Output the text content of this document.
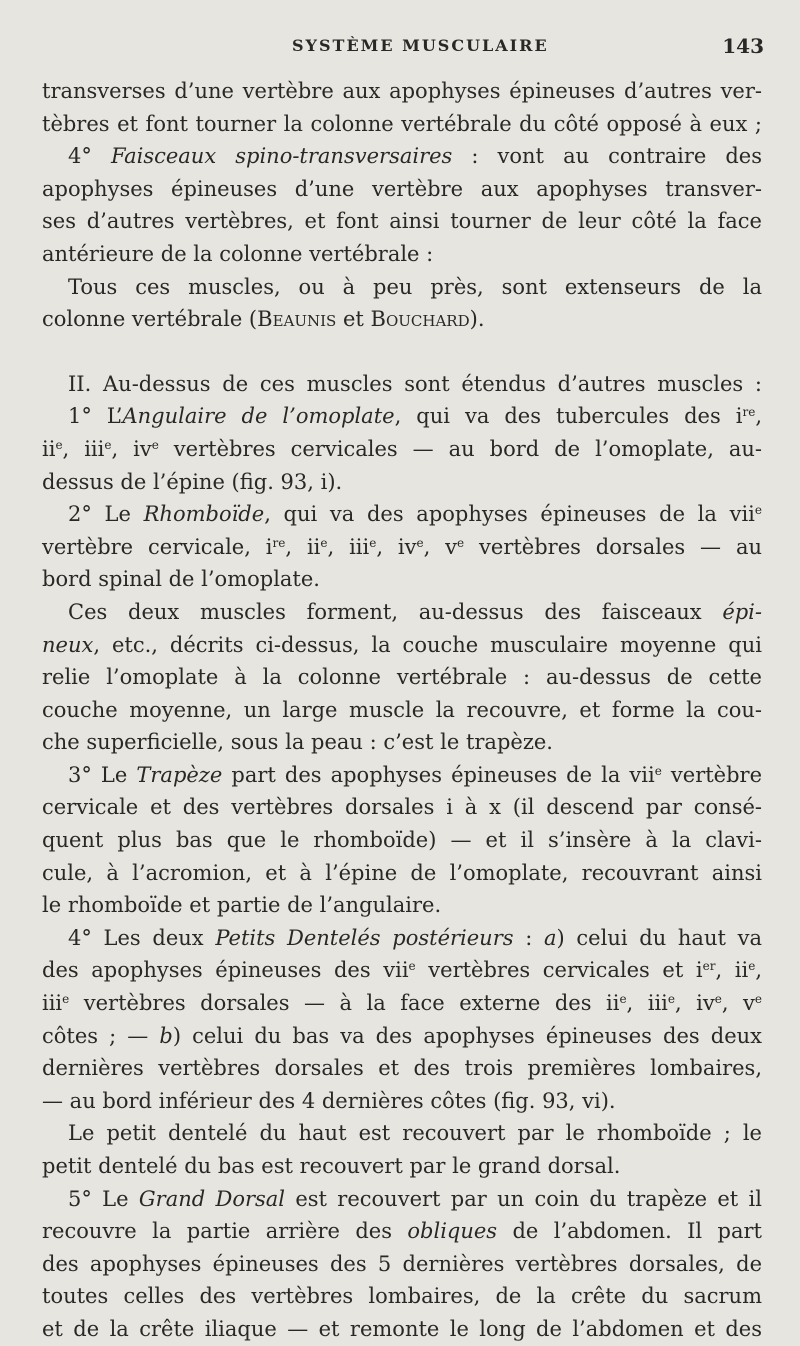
SYSTÈME MUSCULAIRE	143
transverses d’une vertèbre aux apophyses épineuses d’autres ver-
tèbres et font tourner la colonne vertébrale du côté opposé à eux ;
4° Faisceaux spino-transversaires : vont au contraire des
apophyses épineuses d’une vertèbre aux apophyses transver-
ses d’autres vertèbres, et font ainsi tourner de leur côté la face
antérieure de la colonne vertébrale :
Tous ces muscles, ou à peu près, sont extenseurs de la
colonne vertébrale (Beaunis et Bouchard).
II. Au-dessus de ces muscles sont étendus d’autres muscles :
1° L’Angulaire de l’omoplate, qui va des tubercules des $i^{re}$,
$ii^e$, iii$^e$, $iv^e$ vertèbres cervicales — au bord de l’omoplate, au-
dessus de l’épine (fig. 93, i).
2° Le Rhomboïde, qui va des apophyses épineuses de la vii$^e$
vertèbre cervicale, $i^{re}$, $ii^e$, iii$^e$, $iv^e$, $v^e$ vertèbres dorsales — au
bord spinal de l’omoplate.
Ces deux muscles forment, au-dessus des faisceaux épi-
neux, etc., décrits ci-dessus, la couche musculaire moyenne qui
relie l’omoplate à la colonne vertébrale : au-dessus de cette
couche moyenne, un large muscle la recouvre, et forme la cou-
che superficielle, sous la peau : c’est le trapèze.
3° Le Trapèze part des apophyses épineuses de la vii$^e$ vertèbre
cervicale et des vertèbres dorsales i à x (il descend par consé-
quent plus bas que le rhomboïde) — et il s’insère à la clavi-
cule, à l’acromion, et à l’épine de l’omoplate, recouvrant ainsi
le rhomboïde et partie de l’angulaire.
4° Les deux Petits Dentelés postérieurs : a) celui du haut va
des apophyses épineuses des vii$^e$ vertèbres cervicales et $i^{er}$, $ii^e$,
iii$^e$ vertèbres dorsales — à la face externe des $ii^e$, iii$^e$, $iv^e$, $v^e$
côtes ; — b) celui du bas va des apophyses épineuses des deux
dernières vertèbres dorsales et des trois premières lombaires,
— au bord inférieur des 4 dernières côtes (fig. 93, vi).
Le petit dentelé du haut est recouvert par le rhomboïde ; le
petit dentelé du bas est recouvert par le grand dorsal.
5° Le Grand Dorsal est recouvert par un coin du trapèze et il
recouvre la partie arrière des obliques de l’abdomen. Il part
des apophyses épineuses des 5 dernières vertèbres dorsales, de
toutes celles des vertèbres lombaires, de la crête du sacrum
et de la crête iliaque — et remonte le long de l’abdomen et des
